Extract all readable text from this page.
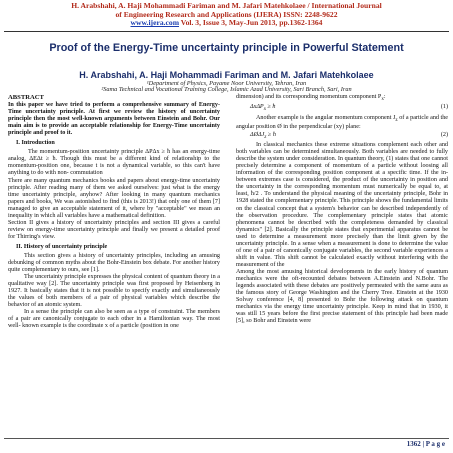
H. Arabshahi, A. Haji Mohammadi Fariman and M. Jafari Matehkolaee / International Journal
of Engineering Research and Applications (IJERA) ISSN: 2248-9622
www.ijera.com Vol. 3, Issue 3, May-Jun 2013, pp.1362-1364
Proof of the Energy-Time uncertainty principle in Powerful Statement
H. Arabshahi, A. Haji Mohammadi Fariman and M. Jafari Matehkolaee
¹Department of Physics, Payame Noor University, Tehran, Iran
²Sama Technical and Vocational Training College, Islamic Azad University, Sari Branch, Sari, Iran
ABSTRACT

In this paper we have tried to perform a comprehensive summary of Energy-Time uncertainty principle. At first we review the history of uncertainty principle then the most well-known arguments between Einstein and Bohr. Our main aim is to provide an acceptable relationship for Energy-Time uncertainty principle and proof to it.

I. Introduction

The momentum-position uncertainty principle ΔPΔx ≥ ħ has an energy-time analog, ΔEΔt ≥ ħ. Though this must be a different kind of relationship to the momentum-position one, because t is not a dynamical variable, so this can't have anything to do with non- commutation

There are many quantum mechanics books and papers about energy-time uncertainty principle. After reading many of them we asked ourselves: just what is the energy time uncertainty principle, anyhow? After looking in many quantum mechanics papers and books, We was astonished to find (this is 2013!) that only one of them [7] managed to give an acceptable statement of it, where by "acceptable" we mean an inequality in which all variables have a mathematical definition.

Section II gives a history of uncertainty principles and section III gives a careful review on energy-time uncertainty principle and finally we present a detailed proof for Thirring's view.

II. History of uncertainty principle

This section gives a history of uncertainty principles, including an amusing debunking of common myths about the Bohr-Einstein box debate. For another history quite complementary to ours, see [1].

The uncertainty principle expresses the physical content of quantum theory in a qualitative way [2]. The uncertainty principle was first proposed by Heisenberg in 1927. It basically states that it is not possible to specify exactly and simultaneously the values of both members of a pair of physical variables which describe the behavior of an atomic system.

In a sense the principle can also be seen as a type of constraint. The members of a pair are canonically conjugate to each other in a Hamiltonian way. The most well- known example is the coordinate x of a particle (position in one

dimension) and its corresponding momentum component $P_x$:

ΔxΔP$_x$ ≥ ħ	(1)

Another example is the angular momentum component $J_z$ of a particle and the angular position Ø in the perpendicular (xy) plane:

$\Delta Ø\Delta J_z$ ≥ ħ	(2)

In classical mechanics these extreme situations complement each other and both variables can be determined simultaneously. Both variables are needed to fully describe the system under consideration. In quantum theory, (1) states that one cannot precisely determine a component of momentum of a particle without loosing all information of the corresponding position component at a specific time. If the in- between extremes case is considered, the product of the uncertainty in position and the uncertainty in the corresponding momentum must numerically be equal to, at least, ħ/2 . To understand the physical meaning of the uncertainty principle, Bohr in 1928 stated the complementary principle. This principle shows the fundamental limits on the classical concept that a system's behavior can be described independently of the observation procedure. The complementary principle states that atomic phenomena cannot be described with the completeness demanded by classical dynamics" [2]. Basically the principle states that experimental apparatus cannot be used to determine a measurement more precisely than the limit given by the uncertainty principle. In a sense when a measurement is done to determine the value of one of a pair of canonically conjugate variables, the second variable experiences a shift in value. This shift cannot be calculated exactly without interfering with the measurement of the

Among the most amusing historical developments in the early history of quantum mechanics were the oft-recounted debates between A.Einstein and N.Bohr. The legends associated with these debates are positively permeated with the same aura as the famous story of George Washington and the Cherry Tree. Einstein at the 1930 Solvay conference [4, 8] presented to Bohr the following attack on quantum mechanics via the energy time uncertainty principle. Keep in mind that in 1930, it was still 15 years before the first precise statement of this principle had been made [5], so Bohr and Einstein were

1362 | P a g e
